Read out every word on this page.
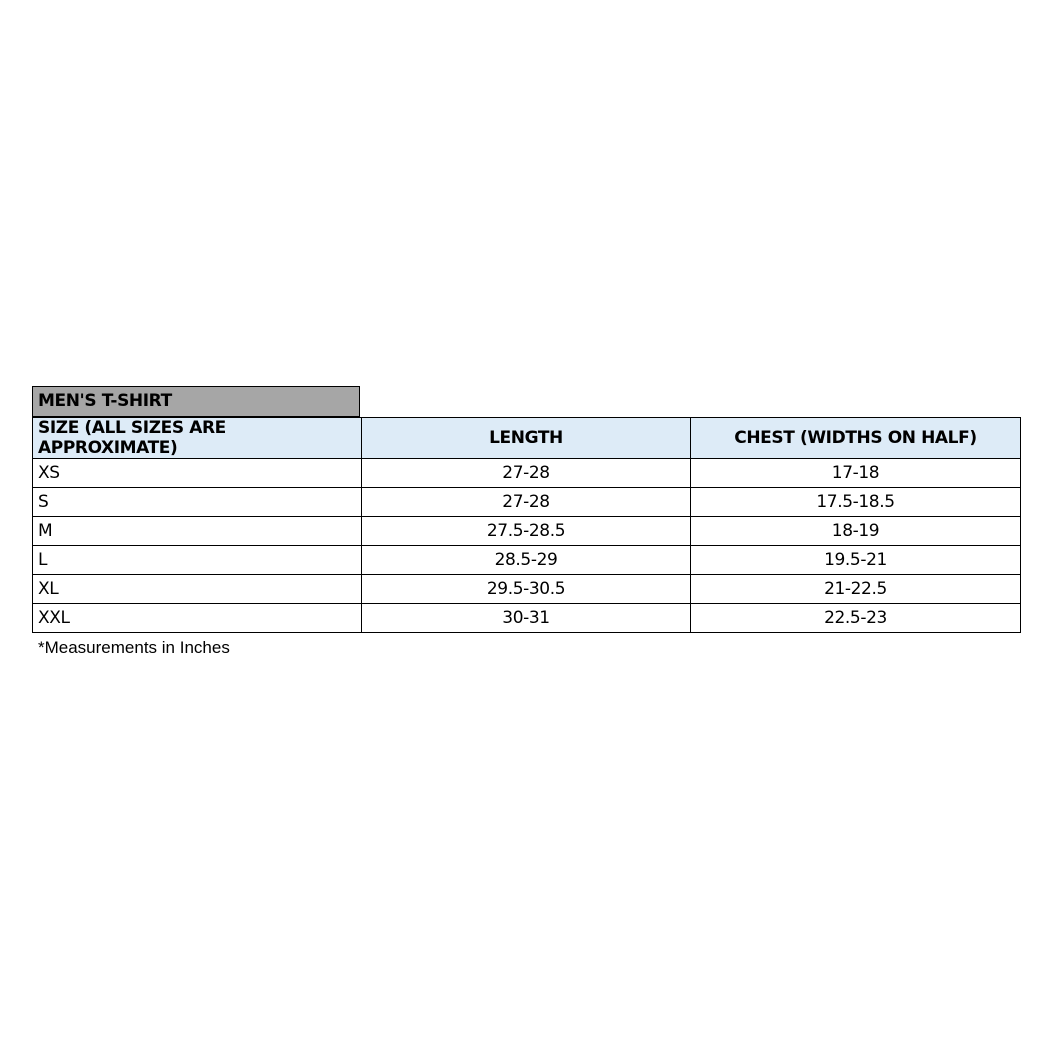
MEN'S T-SHIRT
SIZE (ALL SIZES ARE APPROXIMATE)	LENGTH	CHEST (WIDTHS ON HALF)
XS	27-28	17-18
S	27-28	17.5-18.5
M	27.5-28.5	18-19
L	28.5-29	19.5-21
XL	29.5-30.5	21-22.5
XXL	30-31	22.5-23
*Measurements in Inches
